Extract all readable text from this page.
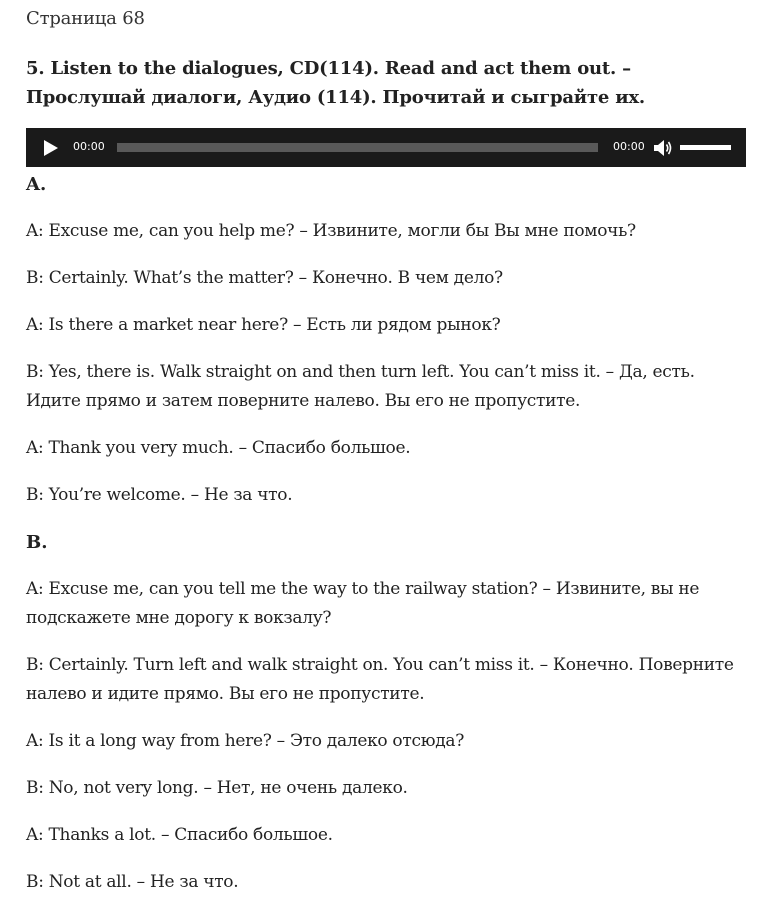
Страница 68

5. Listen to the dialogues, CD(114). Read and act them out. – Прослушай диалоги, Аудио (114). Прочитай и сыграйте их.

00:00	00:00

A.

A: Excuse me, can you help me? – Извините, могли бы Вы мне помочь?

B: Certainly. What’s the matter? – Конечно. В чем дело?

A: Is there a market near here? – Есть ли рядом рынок?

B: Yes, there is. Walk straight on and then turn left. You can’t miss it. – Да, есть. Идите прямо и затем поверните налево. Вы его не пропустите.

A: Thank you very much. – Спасибо большое.

B: You’re welcome. – Не за что.

B.

A: Excuse me, can you tell me the way to the railway station? – Извините, вы не подскажете мне дорогу к вокзалу?

B: Certainly. Turn left and walk straight on. You can’t miss it. – Конечно. Поверните налево и идите прямо. Вы его не пропустите.

A: Is it a long way from here? – Это далеко отсюда?

B: No, not very long. – Нет, не очень далеко.

A: Thanks a lot. – Спасибо большое.

B: Not at all. – Не за что.
